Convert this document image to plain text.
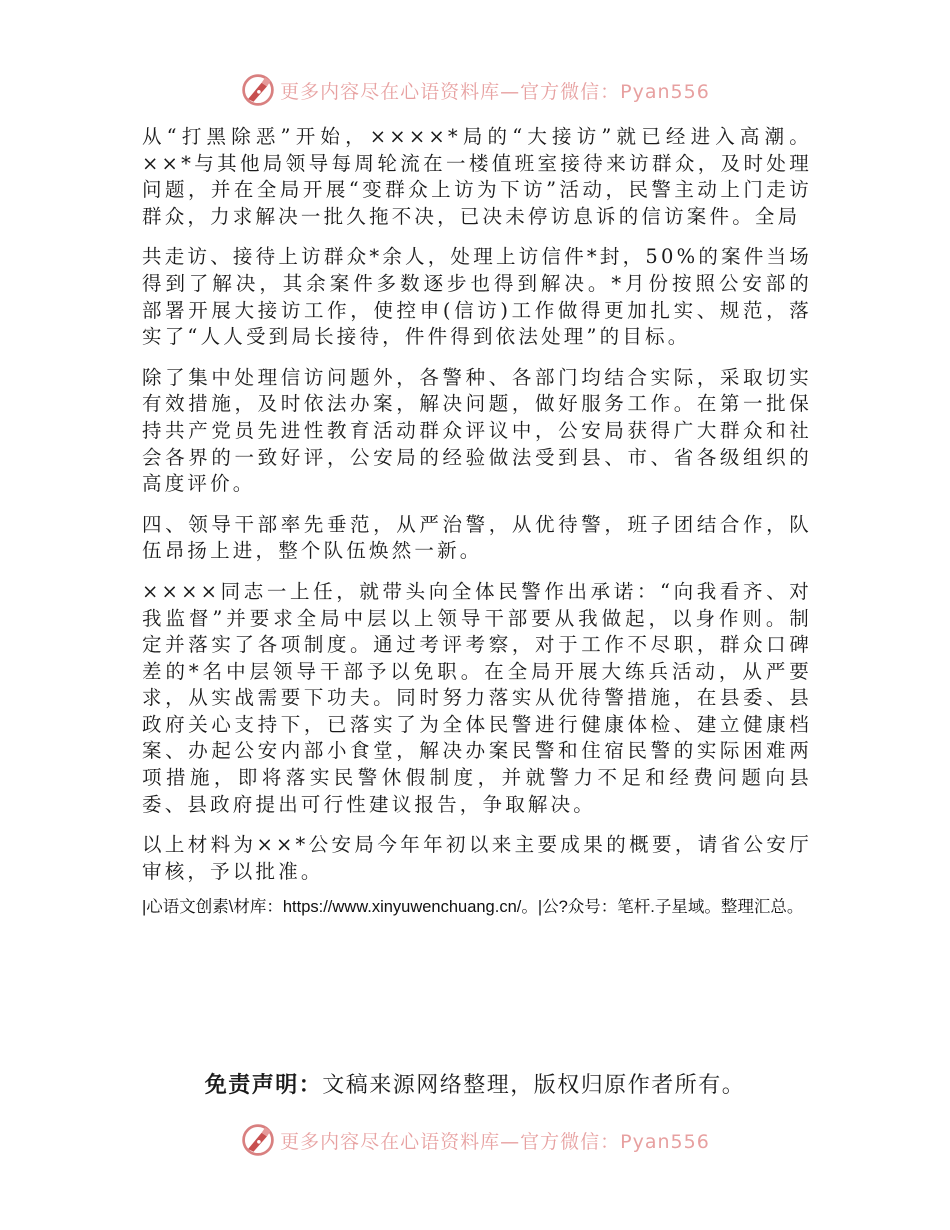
更多内容尽在心语资料库—官方微信：Pyan556

从“打黑除恶”开始，××××*局的“大接访”就已经进入高潮。××*与其他局领导每周轮流在一楼值班室接待来访群众，及时处理问题，并在全局开展“变群众上访为下访”活动，民警主动上门走访群众，力求解决一批久拖不决，已决未停访息诉的信访案件。全局

共走访、接待上访群众*余人，处理上访信件*封，50%的案件当场得到了解决，其余案件多数逐步也得到解决。*月份按照公安部的部署开展大接访工作，使控申(信访)工作做得更加扎实、规范，落实了“人人受到局长接待，件件得到依法处理”的目标。

除了集中处理信访问题外，各警种、各部门均结合实际，采取切实有效措施，及时依法办案，解决问题，做好服务工作。在第一批保持共产党员先进性教育活动群众评议中，公安局获得广大群众和社会各界的一致好评，公安局的经验做法受到县、市、省各级组织的高度评价。

四、领导干部率先垂范，从严治警，从优待警，班子团结合作，队伍昂扬上进，整个队伍焕然一新。

××××同志一上任，就带头向全体民警作出承诺：“向我看齐、对我监督”并要求全局中层以上领导干部要从我做起，以身作则。制定并落实了各项制度。通过考评考察，对于工作不尽职，群众口碑差的*名中层领导干部予以免职。在全局开展大练兵活动，从严要求，从实战需要下功夫。同时努力落实从优待警措施，在县委、县政府关心支持下，已落实了为全体民警进行健康体检、建立健康档案、办起公安内部小食堂，解决办案民警和住宿民警的实际困难两项措施，即将落实民警休假制度，并就警力不足和经费问题向县委、县政府提出可行性建议报告，争取解决。

以上材料为××*公安局今年年初以来主要成果的概要，请省公安厅审核，予以批准。

|心语文创素\材库：https://www.xinyuwenchuang.cn/。|公?众号：笔杆.子星域。整理汇总。
免责声明：文稿来源网络整理，版权归原作者所有。
更多内容尽在心语资料库—官方微信：Pyan556
